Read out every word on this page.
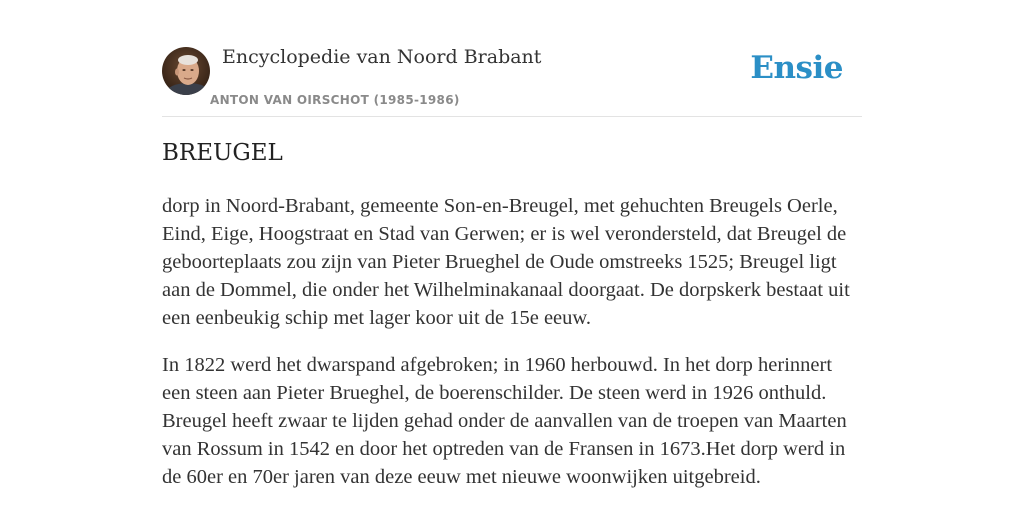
Encyclopedie van Noord Brabant
ANTON VAN OIRSCHOT (1985-1986)
Ensie
BREUGEL

dorp in Noord-Brabant, gemeente Son-en-Breugel, met gehuchten Breugels Oerle, Eind, Eige, Hoogstraat en Stad van Gerwen; er is wel verondersteld, dat Breugel de geboorteplaats zou zijn van Pieter Brueghel de Oude omstreeks 1525; Breugel ligt aan de Dommel, die onder het Wilhelminakanaal doorgaat. De dorpskerk bestaat uit een eenbeukig schip met lager koor uit de 15e eeuw.

In 1822 werd het dwarspand afgebroken; in 1960 herbouwd. In het dorp herinnert een steen aan Pieter Brueghel, de boerenschilder. De steen werd in 1926 onthuld. Breugel heeft zwaar te lijden gehad onder de aanvallen van de troepen van Maarten van Rossum in 1542 en door het optreden van de Fransen in 1673.Het dorp werd in de 60er en 70er jaren van deze eeuw met nieuwe woonwijken uitgebreid.
